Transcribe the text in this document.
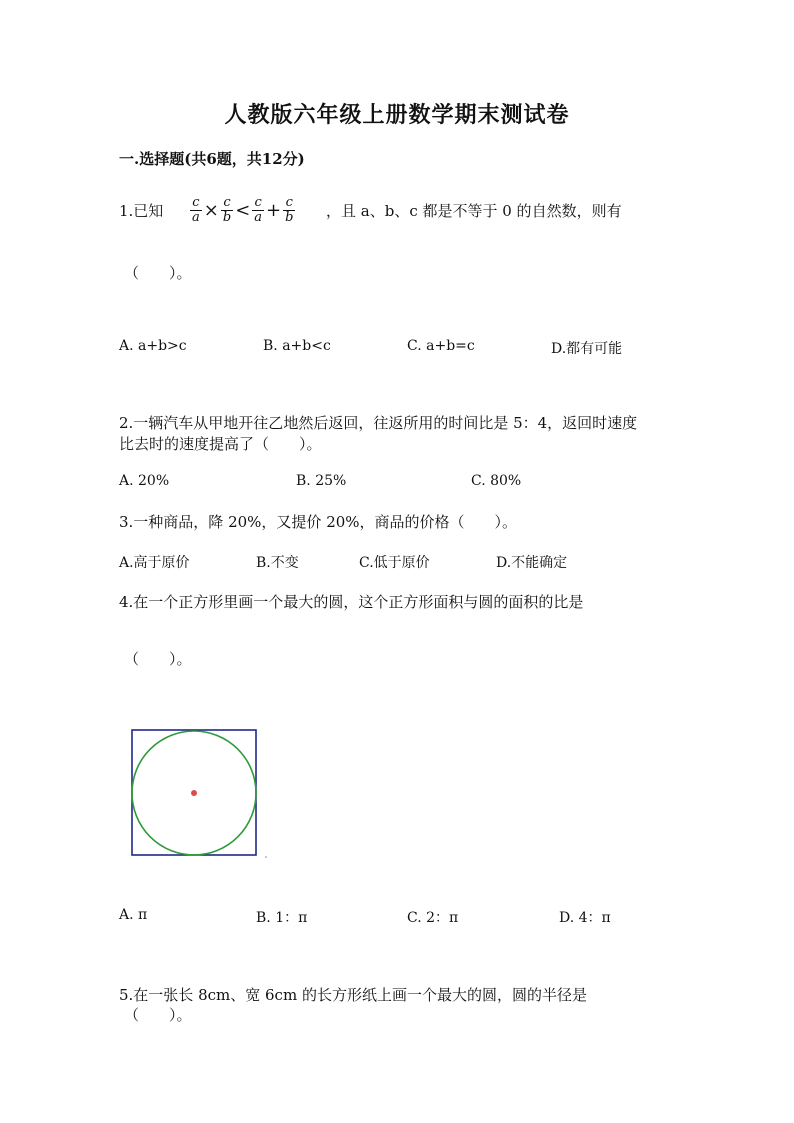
人教版六年级上册数学期末测试卷
一.选择题(共6题，共12分)
1.已知 $\frac{c}{a} \times \frac{c}{b} < \frac{c}{a} + \frac{c}{b}$ ，且 a、b、c 都是不等于 0 的自然数，则有
（　　）。
A. a+b>c	B. a+b<c	C. a+b=c	D.都有可能
2.一辆汽车从甲地开往乙地然后返回，往返所用的时间比是 5：4，返回时速度
比去时的速度提高了（　　）。
A. 20%	B. 25%	C. 80%
3.一种商品，降 20%，又提价 20%，商品的价格（　　）。
A.高于原价	B.不变	C.低于原价	D.不能确定
4.在一个正方形里画一个最大的圆，这个正方形面积与圆的面积的比是
（　　）。
A. π	B. 1：π	C. 2：π	D. 4：π
5.在一张长 8cm、宽 6cm 的长方形纸上画一个最大的圆，圆的半径是
（　　）。
